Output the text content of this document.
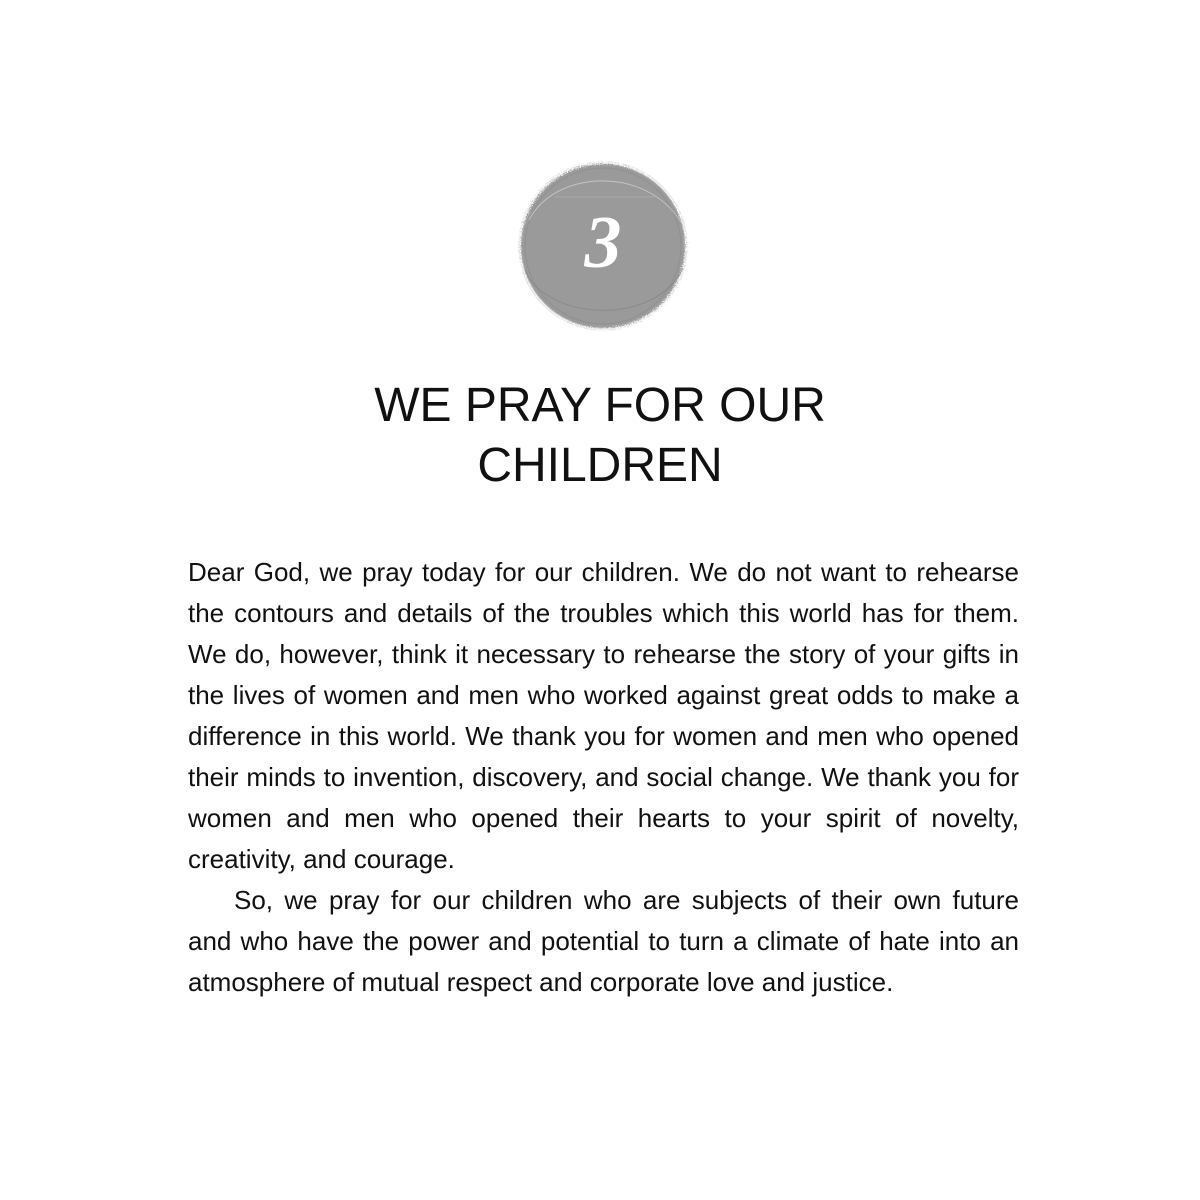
3
WE PRAY FOR OUR
CHILDREN

Dear God, we pray today for our children. We do not want to rehearse the contours and details of the troubles which this world has for them. We do, however, think it necessary to rehearse the story of your gifts in the lives of women and men who worked against great odds to make a difference in this world. We thank you for women and men who opened their minds to invention, discovery, and social change. We thank you for women and men who opened their hearts to your spirit of novelty, creativity, and courage.

So, we pray for our children who are subjects of their own future and who have the power and potential to turn a climate of hate into an atmosphere of mutual respect and corporate love and justice.
